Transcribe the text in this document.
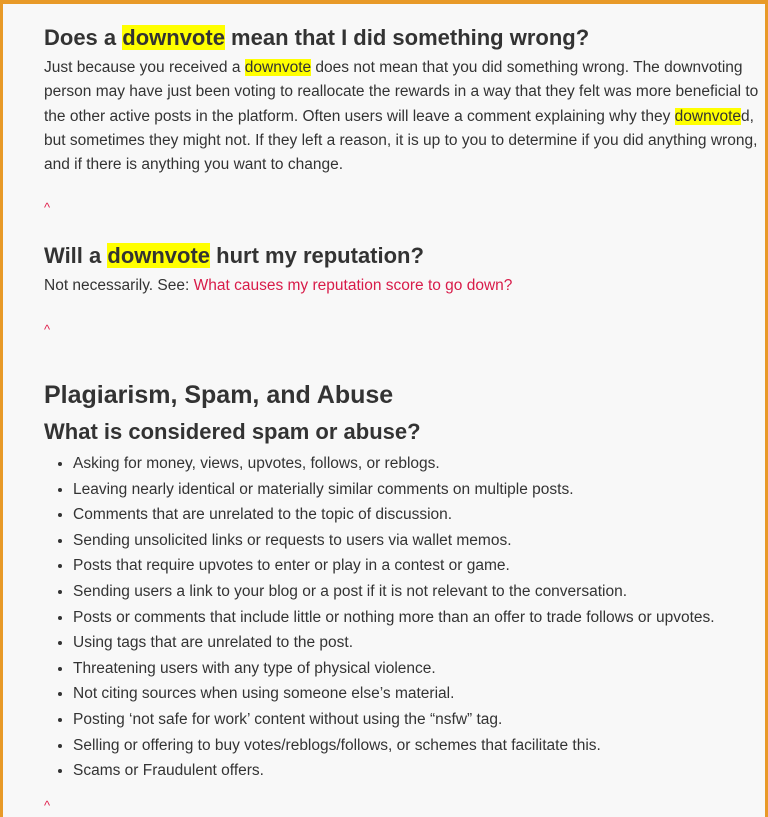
Does a downvote mean that I did something wrong?
Just because you received a downvote does not mean that you did something wrong. The downvoting
person may have just been voting to reallocate the rewards in a way that they felt was more beneficial to
the other active posts in the platform. Often users will leave a comment explaining why they downvoted,
but sometimes they might not. If they left a reason, it is up to you to determine if you did anything wrong,
and if there is anything you want to change.
^
Will a downvote hurt my reputation?
Not necessarily. See: What causes my reputation score to go down?
^
Plagiarism, Spam, and Abuse
What is considered spam or abuse?
• Asking for money, views, upvotes, follows, or reblogs.
• Leaving nearly identical or materially similar comments on multiple posts.
• Comments that are unrelated to the topic of discussion.
• Sending unsolicited links or requests to users via wallet memos.
• Posts that require upvotes to enter or play in a contest or game.
• Sending users a link to your blog or a post if it is not relevant to the conversation.
• Posts or comments that include little or nothing more than an offer to trade follows or upvotes.
• Using tags that are unrelated to the post.
• Threatening users with any type of physical violence.
• Not citing sources when using someone else’s material.
• Posting ‘not safe for work’ content without using the “nsfw” tag.
• Selling or offering to buy votes/reblogs/follows, or schemes that facilitate this.
• Scams or Fraudulent offers.
^
